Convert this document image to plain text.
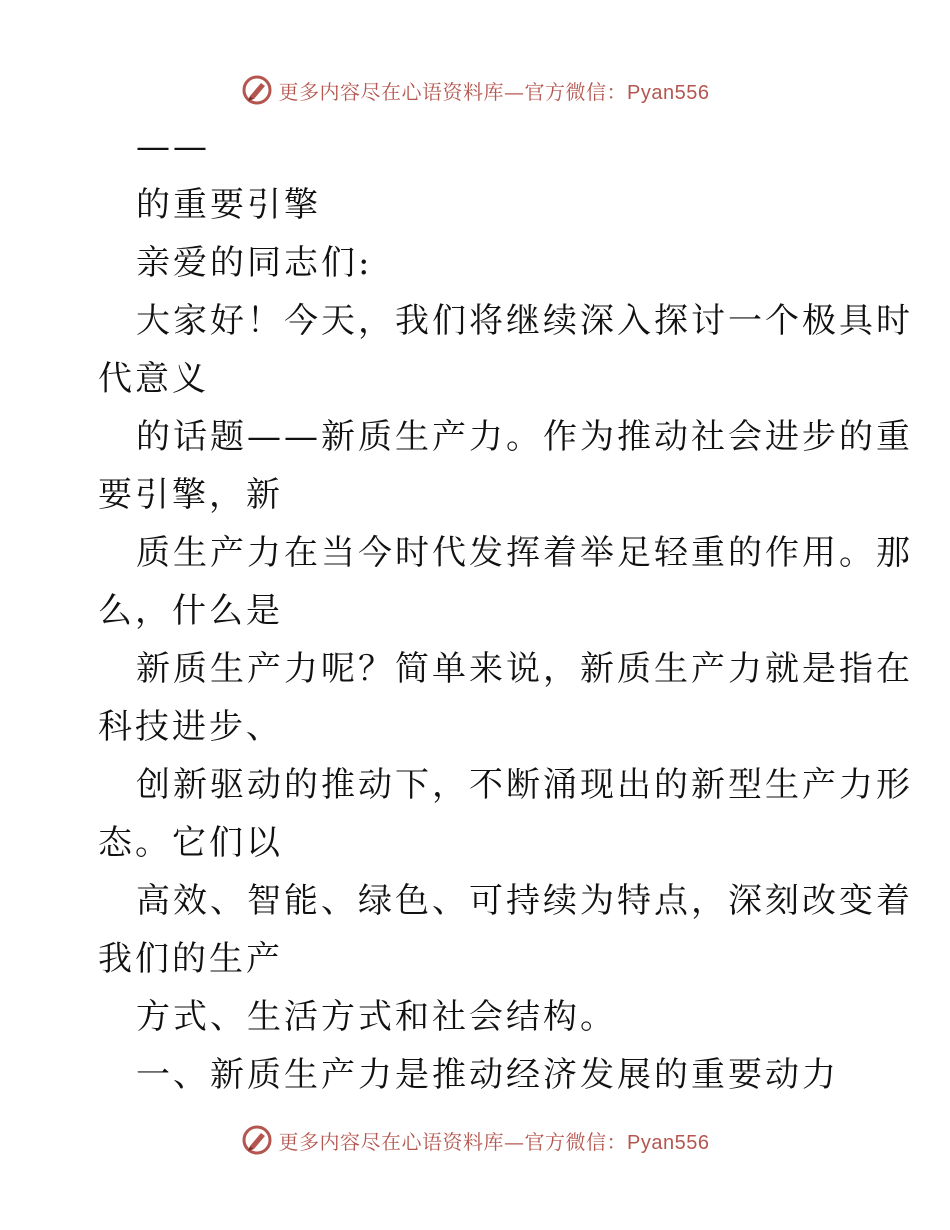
更多内容尽在心语资料库—官方微信：Pyan556
——
的重要引擎
亲爱的同志们:
大家好！今天，我们将继续深入探讨一个极具时
代意义
的话题——新质生产力。作为推动社会进步的重
要引擎，新
质生产力在当今时代发挥着举足轻重的作用。那
么，什么是
新质生产力呢？简单来说，新质生产力就是指在
科技进步、
创新驱动的推动下，不断涌现出的新型生产力形
态。它们以
高效、智能、绿色、可持续为特点，深刻改变着
我们的生产
方式、生活方式和社会结构。
一、新质生产力是推动经济发展的重要动力
更多内容尽在心语资料库—官方微信：Pyan556
